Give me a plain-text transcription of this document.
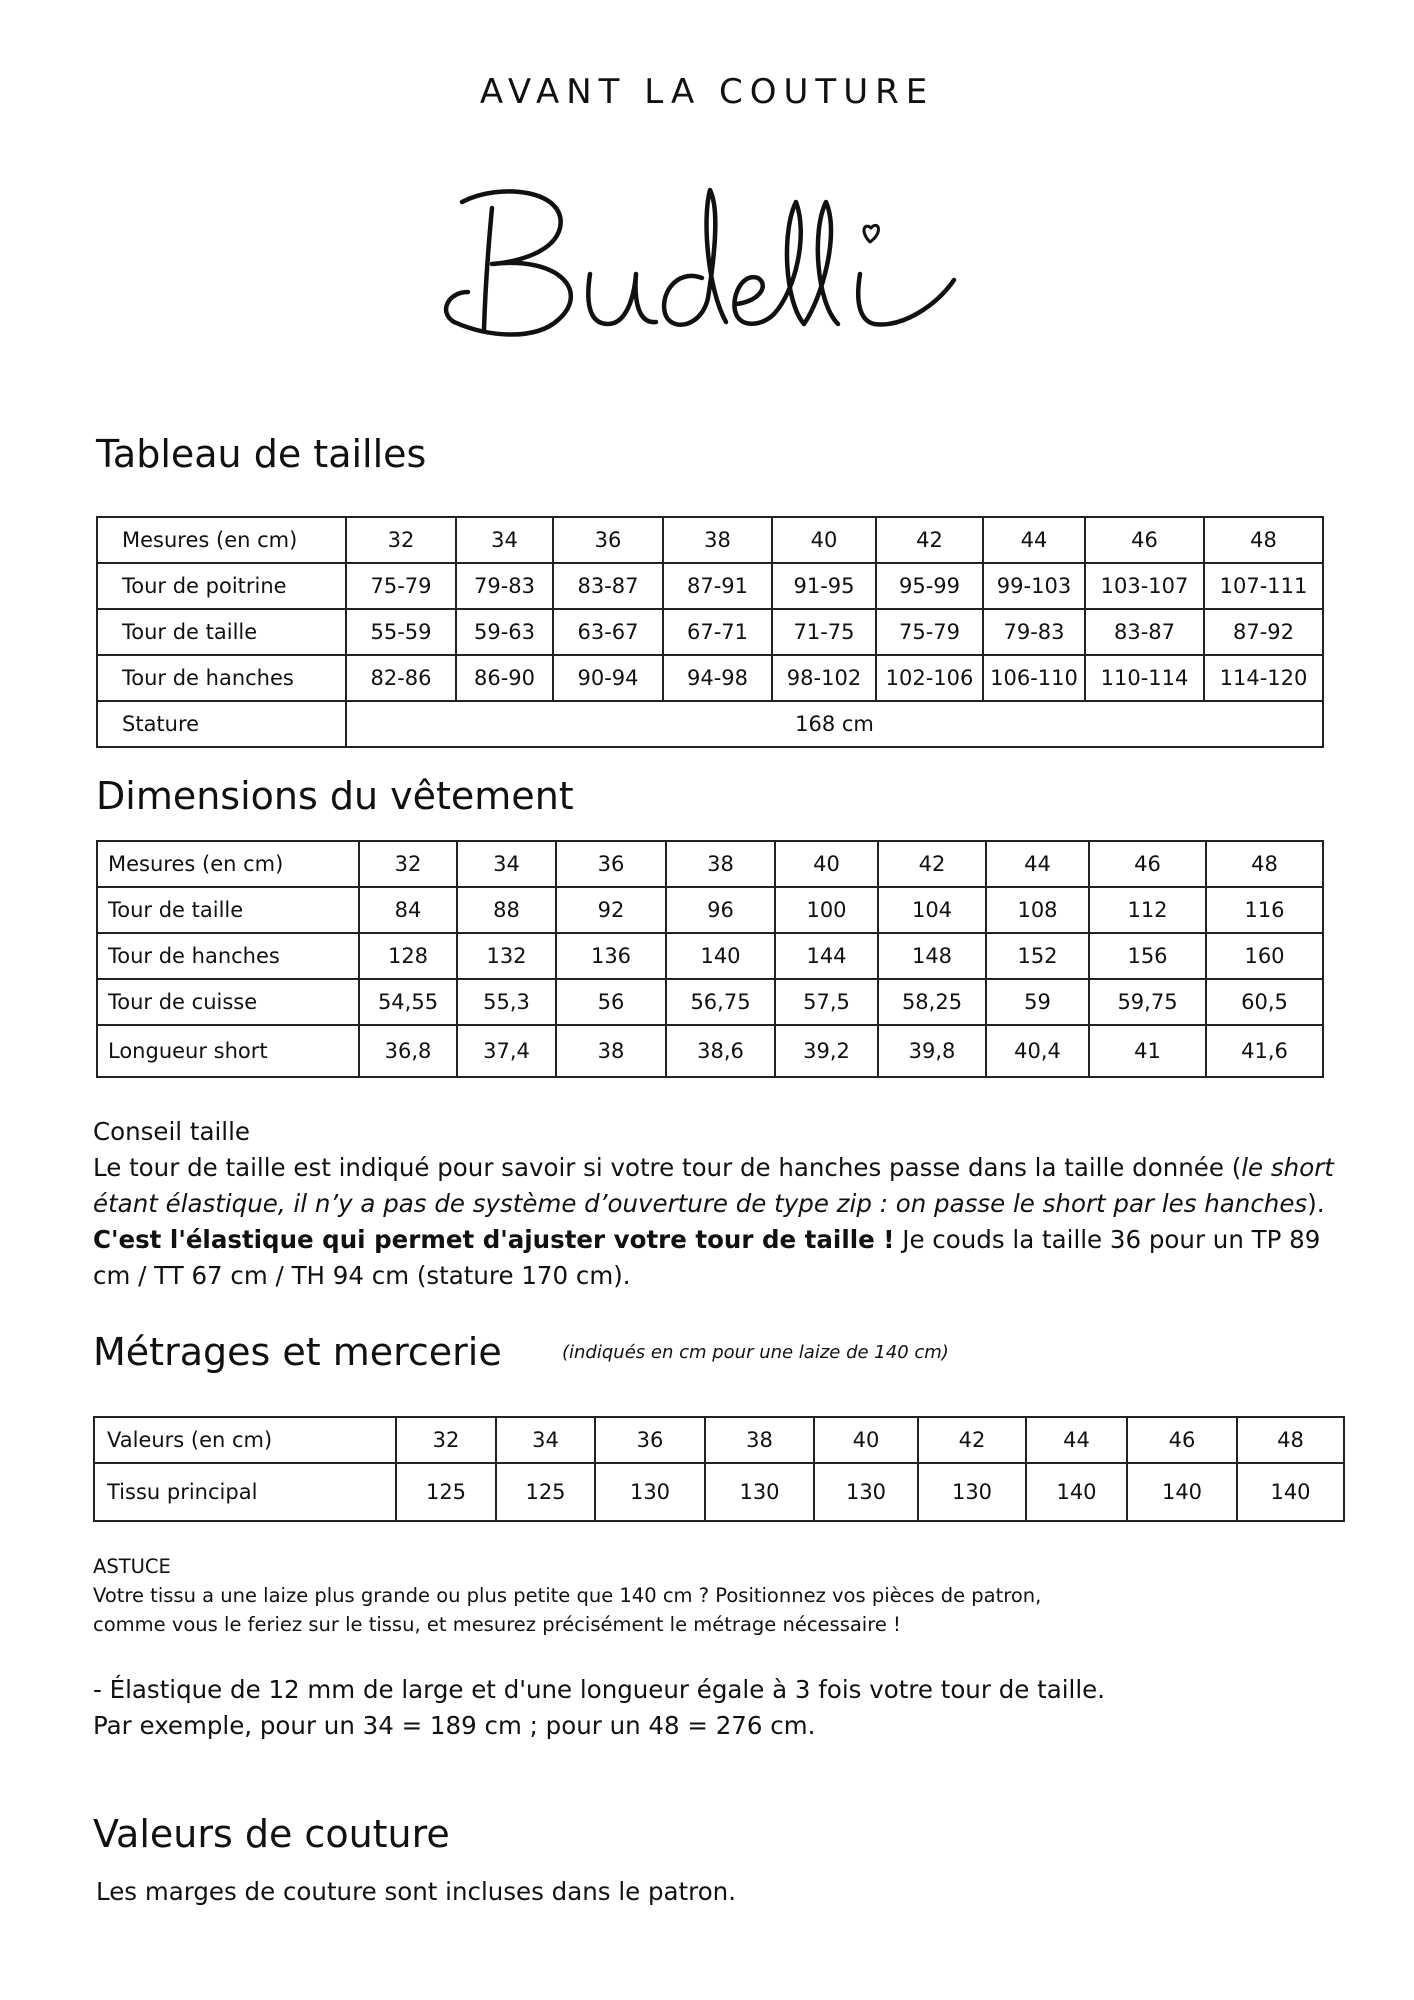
AVANT LA COUTURE
Tableau de tailles
Mesures (en cm)	32	34	36	38	40	42	44	46	48
Tour de poitrine	75-79	79-83	83-87	87-91	91-95	95-99	99-103	103-107	107-111
Tour de taille	55-59	59-63	63-67	67-71	71-75	75-79	79-83	83-87	87-92
Tour de hanches	82-86	86-90	90-94	94-98	98-102	102-106	106-110	110-114	114-120
Stature	168 cm								
Dimensions du vêtement
Mesures (en cm)	32	34	36	38	40	42	44	46	48
Tour de taille	84	88	92	96	100	104	108	112	116
Tour de hanches	128	132	136	140	144	148	152	156	160
Tour de cuisse	54,55	55,3	56	56,75	57,5	58,25	59	59,75	60,5
Longueur short	36,8	37,4	38	38,6	39,2	39,8	40,4	41	41,6
Conseil taille
Le tour de taille est indiqué pour savoir si votre tour de hanches passe dans la taille donnée (le short étant élastique, il n’y a pas de système d’ouverture de type zip : on passe le short par les hanches). C'est l'élastique qui permet d'ajuster votre tour de taille ! Je couds la taille 36 pour un TP 89 cm / TT 67 cm / TH 94 cm (stature 170 cm).
Métrages et mercerie	(indiqués en cm pour une laize de 140 cm)
Valeurs (en cm)	32	34	36	38	40	42	44	46	48
Tissu principal	125	125	130	130	130	130	140	140	140
ASTUCE
Votre tissu a une laize plus grande ou plus petite que 140 cm ? Positionnez vos pièces de patron,
comme vous le feriez sur le tissu, et mesurez précisément le métrage nécessaire !
- Élastique de 12 mm de large et d'une longueur égale à 3 fois votre tour de taille.
Par exemple, pour un 34 = 189 cm ; pour un 48 = 276 cm.
Valeurs de couture
Les marges de couture sont incluses dans le patron.
